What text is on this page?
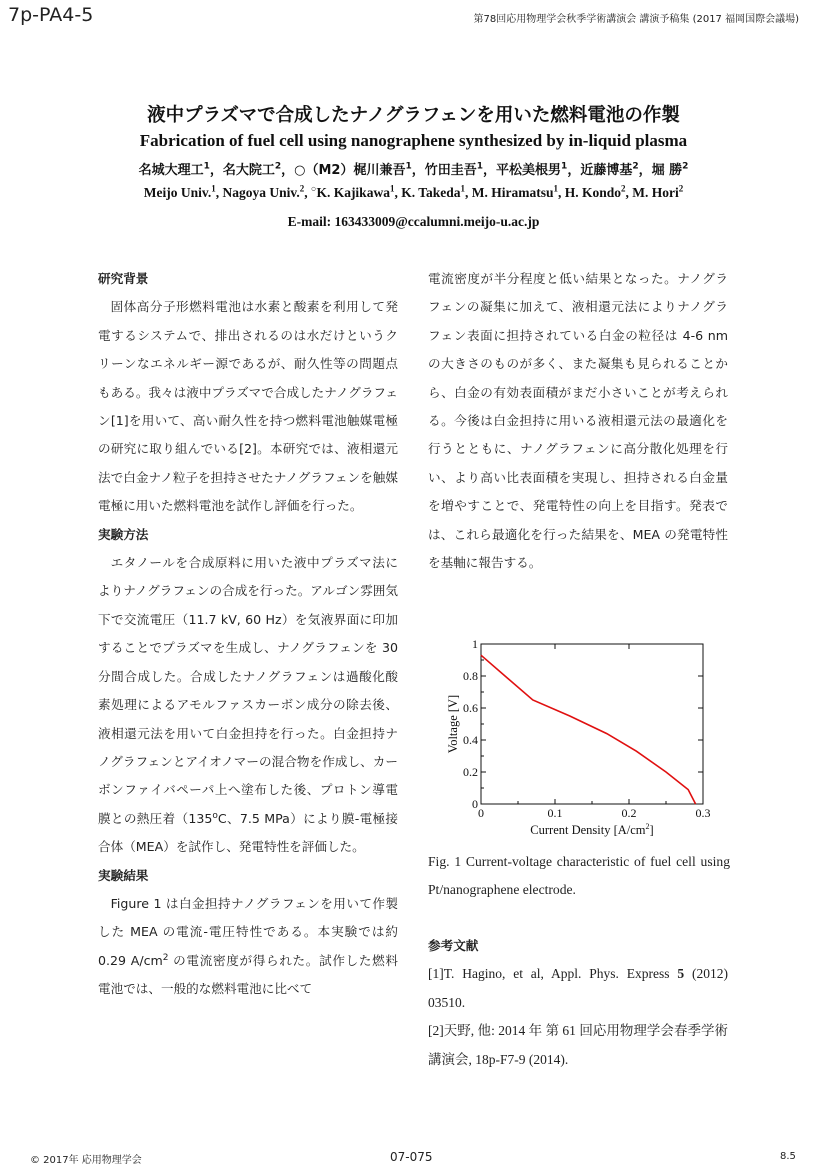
7p-PA4-5	第78回応用物理学会秋季学術講演会 講演予稿集 (2017 福岡国際会議場)
液中プラズマで合成したナノグラフェンを用いた燃料電池の作製
Fabrication of fuel cell using nanographene synthesized by in-liquid plasma
名城大理工$^1$，名大院工$^2$，○（M2）梶川兼吾$^1$，竹田圭吾$^1$，平松美根男$^1$，近藤博基$^2$，堀 勝$^2$
Meijo Univ.$^1$, Nagoya Univ.$^2$, ○K. Kajikawa$^1$, K. Takeda$^1$, M. Hiramatsu$^1$, H. Kondo$^2$, M. Hori$^2$
E-mail: 163433009@ccalumni.meijo-u.ac.jp

研究背景

固体高分子形燃料電池は水素と酸素を利用して発電するシステムで、排出されるのは水だけというクリーンなエネルギー源であるが、耐久性等の問題点もある。我々は液中プラズマで合成したナノグラフェン[1]を用いて、高い耐久性を持つ燃料電池触媒電極の研究に取り組んでいる[2]。本研究では、液相還元法で白金ナノ粒子を担持させたナノグラフェンを触媒電極に用いた燃料電池を試作し評価を行った。

実験方法

エタノールを合成原料に用いた液中プラズマ法によりナノグラフェンの合成を行った。アルゴン雰囲気下で交流電圧（11.7 kV, 60 Hz）を気液界面に印加することでプラズマを生成し、ナノグラフェンを 30 分間合成した。合成したナノグラフェンは過酸化酸素処理によるアモルファスカーボン成分の除去後、液相還元法を用いて白金担持を行った。白金担持ナノグラフェンとアイオノマーの混合物を作成し、カーボンファイバペーパ上へ塗布した後、プロトン導電膜との熱圧着（135$^o$C、7.5 MPa）により膜-電極接合体（MEA）を試作し、発電特性を評価した。

実験結果

Figure 1 は白金担持ナノグラフェンを用いて作製した MEA の電流-電圧特性である。本実験では約 0.29 $A/cm^2$ の電流密度が得られた。試作した燃料電池では、一般的な燃料電池に比べて

電流密度が半分程度と低い結果となった。ナノグラフェンの凝集に加えて、液相還元法によりナノグラフェン表面に担持されている白金の粒径は 4-6 nm の大きさのものが多く、また凝集も見られることから、白金の有効表面積がまだ小さいことが考えられる。今後は白金担持に用いる液相還元法の最適化を行うとともに、ナノグラフェンに高分散化処理を行い、より高い比表面積を実現し、担持される白金量を増やすことで、発電特性の向上を目指す。発表では、これら最適化を行った結果を、MEA の発電特性を基軸に報告する。

0	0.1	0.2	0.3
0
0.2
0.4
0.6
0.8
1
Current Density $[A/cm^2]$
Voltage [V]
Fig. 1 Current-voltage characteristic of fuel cell using Pt/nanographene electrode.

参考文献

[1]T. Hagino, et al, Appl. Phys. Express 5 (2012) 03510.

[2]天野, 他: 2014 年 第 61 回応用物理学会春季学術講演会, 18p-F7-9 (2014).

© 2017年 応用物理学会	07-075	8.5
